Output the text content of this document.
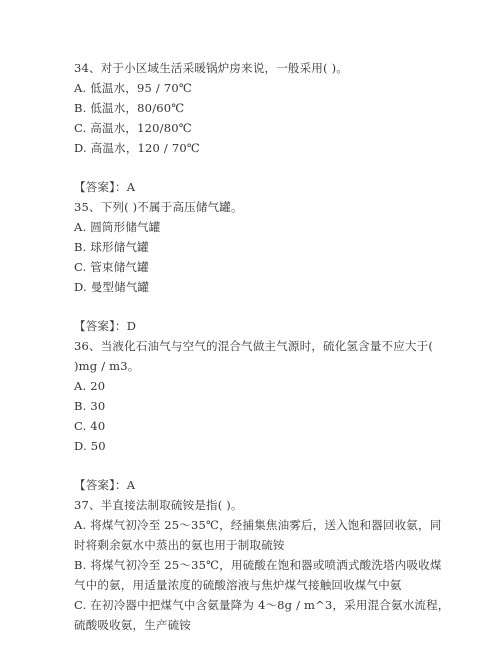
34、对于小区域生活采暖锅炉房来说，一般采用( )。
A. 低温水，95 / 70℃
B. 低温水，80/60℃
C. 高温水，120/80℃
D. 高温水，120 / 70℃
【答案】：A
35、下列( )不属于高压储气罐。
A. 圆筒形储气罐
B. 球形储气罐
C. 管束储气罐
D. 曼型储气罐
【答案】：D
36、当液化石油气与空气的混合气做主气源时，硫化氢含量不应大于(
)mg / m3。
A. 20
B. 30
C. 40
D. 50
【答案】：A
37、半直接法制取硫铵是指( )。
A. 将煤气初冷至 25～35℃，经捕集焦油雾后，送入饱和器回收氨，同
时将剩余氨水中蒸出的氨也用于制取硫铵
B. 将煤气初冷至 25～35℃，用硫酸在饱和器或喷洒式酸洗塔内吸收煤
气中的氨，用适量浓度的硫酸溶液与焦炉煤气接触回收煤气中氨
C. 在初冷器中把煤气中含氨量降为 4～8g / m^3，采用混合氨水流程，
硫酸吸收氨，生产硫铵
